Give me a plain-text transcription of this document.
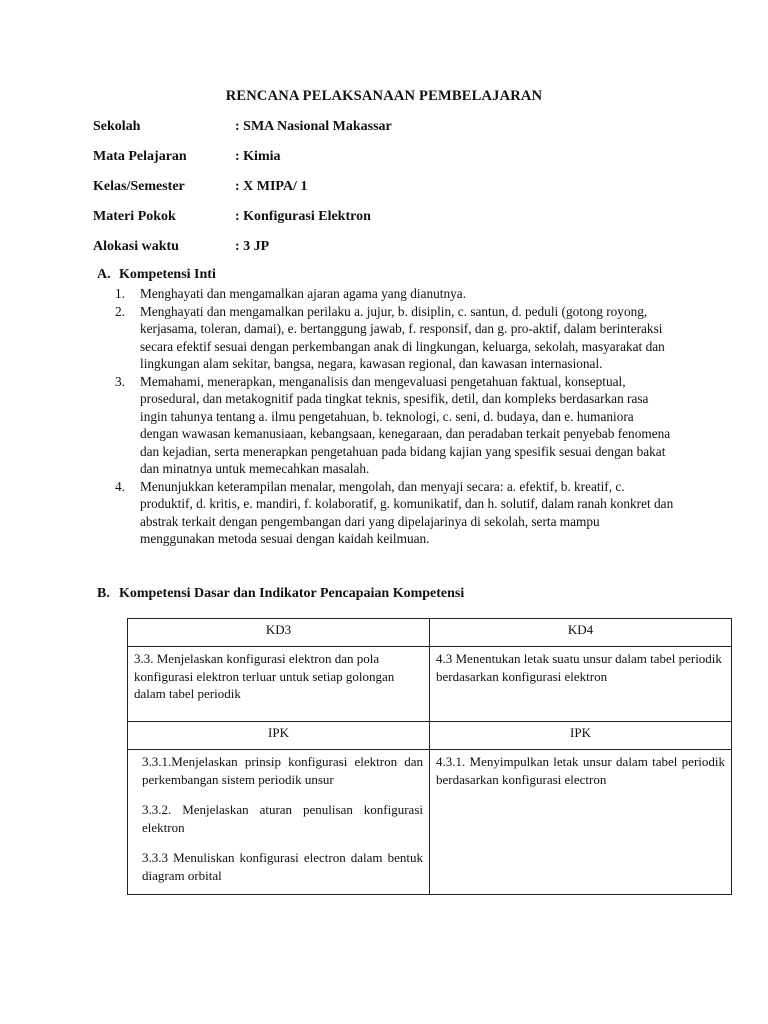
RENCANA PELAKSANAAN PEMBELAJARAN
Sekolah	: SMA Nasional Makassar
Mata Pelajaran	: Kimia
Kelas/Semester	: X MIPA/ 1
Materi Pokok	: Konfigurasi Elektron
Alokasi waktu	: 3 JP
A. Kompetensi Inti
1. Menghayati dan mengamalkan ajaran agama yang dianutnya.
2. Menghayati dan mengamalkan perilaku a. jujur, b. disiplin, c. santun, d. peduli (gotong royong, kerjasama, toleran, damai), e. bertanggung jawab, f. responsif, dan g. pro-aktif, dalam berinteraksi secara efektif sesuai dengan perkembangan anak di lingkungan, keluarga, sekolah, masyarakat dan lingkungan alam sekitar, bangsa, negara, kawasan regional, dan kawasan internasional.
3. Memahami, menerapkan, menganalisis dan mengevaluasi pengetahuan faktual, konseptual, prosedural, dan metakognitif pada tingkat teknis, spesifik, detil, dan kompleks berdasarkan rasa ingin tahunya tentang a. ilmu pengetahuan, b. teknologi, c. seni, d. budaya, dan e. humaniora dengan wawasan kemanusiaan, kebangsaan, kenegaraan, dan peradaban terkait penyebab fenomena dan kejadian, serta menerapkan pengetahuan pada bidang kajian yang spesifik sesuai dengan bakat dan minatnya untuk memecahkan masalah.
4. Menunjukkan keterampilan menalar, mengolah, dan menyaji secara: a. efektif, b. kreatif, c. produktif, d. kritis, e. mandiri, f. kolaboratif, g. komunikatif, dan h. solutif, dalam ranah konkret dan abstrak terkait dengan pengembangan dari yang dipelajarinya di sekolah, serta mampu menggunakan metoda sesuai dengan kaidah keilmuan.
B. Kompetensi Dasar dan Indikator Pencapaian Kompetensi
KD3	KD4
3.3. Menjelaskan konfigurasi elektron dan pola konfigurasi elektron terluar untuk setiap golongan dalam tabel periodik	4.3 Menentukan letak suatu unsur dalam tabel periodik berdasarkan konfigurasi elektron
IPK	IPK

3.3.1.Menjelaskan prinsip konfigurasi elektron dan perkembangan sistem periodik unsur
3.3.2. Menjelaskan aturan penulisan konfigurasi elektron
3.3.3 Menuliskan konfigurasi electron dalam bentuk diagram orbital	4.3.1. Menyimpulkan letak unsur dalam tabel periodik berdasarkan konfigurasi electron
